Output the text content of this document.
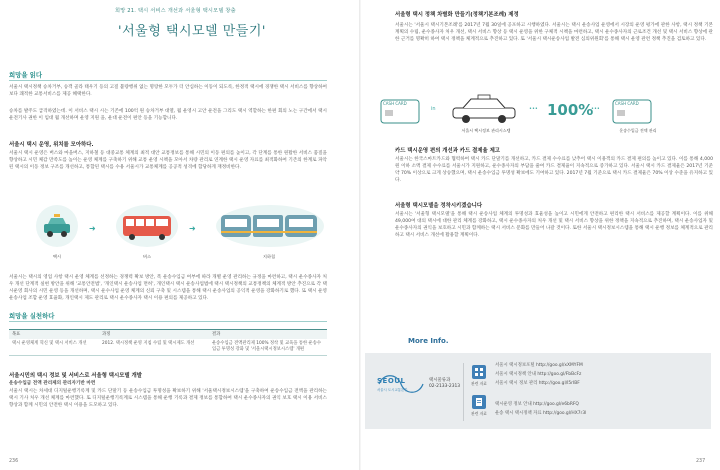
희망 21. 택시 서비스 개선과 서울형 택시모델 창출
'서울형 택시모델 만들기'
희망을 읽다
서울시 택시정책 승차거부, 승객 골라 태우기 등의 고질 불량행위 없는 명랑한 모두가 더 안심하는 이동이 되도록, 한정적 택시에 경쟁한 택시 서비스를 향상하여 보다 쾌적한 교통서비스를 제공 혜택한다.
승차를 발주도 급격하였는데. 이 서비스 택시 시는 기존에 100억 원 승차거부 대열, 월 운영시 고안 운전을 그리도 택시 역할하는 한편 회의 노는 구간에서 택시 운전기사 권한 이 임대 월 개선하며 운영 지원 을, 운대 운전이 편안 등을 기능합니다.
서울시 택시 운영, 위치를 모아하다.
서울시 택시 운영은 버스와 마을버스, 지하철 등 대중교통 체계의 최적 대안 교통정보를 통해 시민의 이동 편의를 높이고, 각 단계를 통한 원활한 서비스 품질을 향상하고 시민 체감 만족도를 높이는 운영 체계를 구축하기 위해 교통 운영 시책을 모아서 차량 관리로 연계한 택시 운영 자료를 최적화하여 기존의 한계로 파악된 택시의 이동 정보 구조를 개선하고, 통합된 택시를 수용 서울시가 교통체계를 공공적 성격에 합당하게 재정비한다.
택시
➜
버스
➜
지하철
서울시는 택시의 영업 사항 택시 운영 체계를 선정하는 경쟁력 확보 방안, 폭 운송수입금 여부에 따라 개별 운영 관리하는 규정을 마련하고, 택시 운수종사자 처우 개선 단계적 실현 방안을 위해 '교통안전법', '개인택시 운송사업 면허', 개인택시 택시 운송사업법에 택시 택시정책의 교통정책의 체계적 방안 추진으로 각 택시운영 회사의 시민 운영 등을 개선하며, 택시 운수사업 운영 체계의 신뢰 구축 및 시스템을 통해 택시 운송사업의 공익적 운영을 강화하기로 했다. 또 택시 운영 운송사업 조합 운영 효율화, 개인택시 제도 관리로 택시 운수종사자 택시 이용 편의를 제공하고 있다.
희망을 실천하다
목표	과정	결과
택시 운영체계 혁신 및 택시 서비스 개선	2012. 택시정책 운영 지침 수립 및 택시제도 개선	운송수입금 전액관리제 100% 정착 및 교육을 통한 운송수입금 투명성 강화 및 '서울시택시정보시스템' 개편
서울시민의 택시 정보 및 서비스로 서울형 택시모델 개발
운송수입금 전액 관리제의 관리자기반 마련
서울시 택시는 차세대 디지털운행기록계 및 카드 단말기 등 운송수입금 투명성을 확보하기 위해 '서울택시정보시스템'을 구축하여 운송수입금 전액을 관리하는 택시 기사 처우 개선 체계를 마련했다. 또 디지털운행기록계로 시스템을 통해 운행 기록과 결제 정보를 통합하여 택시 운수종사자의 권익 보호 택시 이용 서비스 향상과 함께 시민의 안전한 택시 이용을 도모하고 있다.
236
서울형 택시 정책 차별화 만들기(정책기본조례) 제정
서울시는 '서울시 택시기본조례'를 2017년 7월 30일에 공포하고 시행하였다. 서울시는 택시 운송사업 운영에서 시장의 운영 평가에 관한 사항, 택시 정책 기본 계획의 수립, 운수종사자 처우 개선, 택시 서비스 향상 등 택시 운영을 위한 구체적 시책을 마련하고, 택시 운수종사자의 근로조건 개선 및 택시 서비스 향상에 관한 근거를 명확히 하여 택시 정책을 체계적으로 추진하고 있다. 또 '서울시 택시운송사업 발전 심의위원회'를 통해 택시 운영 관련 정책 추진을 검토하고 있다.
CASH CARD
in
서울시 택시정보 관리시스템
••• 100%
•••
CASH CARD
운송수입금 전액 관리
카드 택시운영 편의 개선과 카드 결제율 제고
서울시는 한국스마트카드와 협력하여 택시 카드 단말기를 개선하고, 카드 결제 수수료를 낮추어 택시 이용객의 카드 결제 편의를 높이고 있다. 이를 통해 4,000원 이하 소액 결제 수수료를 서울시가 지원하고, 운수종사자의 부담을 줄여 카드 결제율이 지속적으로 증가하고 있다. 서울시 택시 카드 결제율은 2017년 기준 약 70% 이상으로 크게 상승했으며, 택시 운송수입금 투명성 확보에도 기여하고 있다. 2017년 7월 기준으로 택시 카드 결제율은 70% 이상 수준을 유지하고 있다.
서울형 택시모델을 정착시키겠습니다
서울시는 '서울형 택시모델'을 통해 택시 운송사업 체계의 투명성과 효율성을 높이고 시민에게 안전하고 편리한 택시 서비스를 제공할 계획이다. 이를 위해 49,000여 대의 택시에 대한 관리 체계를 강화하고, 택시 운수종사자의 처우 개선 및 택시 서비스 향상을 위한 정책을 지속적으로 추진하며, 택시 운송사업자 및 운수종사자의 권익을 보호하고 시민과 함께하는 택시 서비스 문화를 만들어 나갈 것이다. 또한 서울시 택시정보시스템을 통해 택시 운행 정보를 체계적으로 관리하고 택시 서비스 개선에 활용할 계획이다.
More Info.
SEOUL
서울시 도시교통본부
택시물류과
02-2133-2313
관련 자료
관련 자료
서울시 택시정보포털 http://goo.gl/xXMYFM
서울시 택시정책 안내 http://goo.gl/FbBcFz
서울시 택시 정보 관리 http://goo.gl/l5rIBF
택시운영 정보 안내 http://goo.gl/e6bRFQ
운송 택시 택시정책 자료 http://goo.gl/HX7r3l
237
